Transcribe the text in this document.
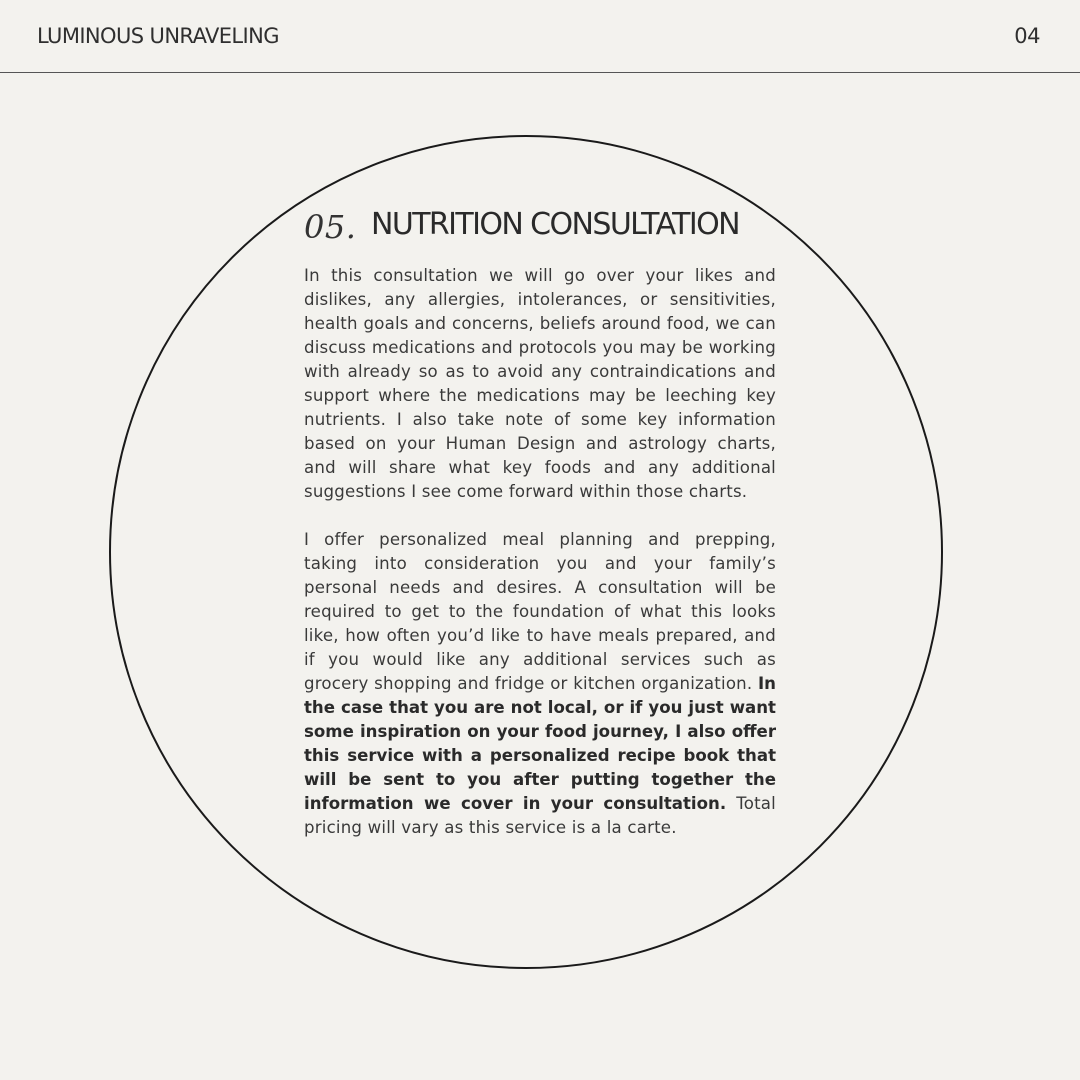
LUMINOUS UNRAVELING	04
05. NUTRITION CONSULTATION

In this consultation we will go over your likes and dislikes, any allergies, intolerances, or sensitivities, health goals and concerns, beliefs around food, we can discuss medications and protocols you may be working with already so as to avoid any contraindications and support where the medications may be leeching key nutrients. I also take note of some key information based on your Human Design and astrology charts, and will share what key foods and any additional suggestions I see come forward within those charts.

I offer personalized meal planning and prepping, taking into consideration you and your family’s personal needs and desires. A consultation will be required to get to the foundation of what this looks like, how often you’d like to have meals prepared, and if you would like any additional services such as grocery shopping and fridge or kitchen organization. In the case that you are not local, or if you just want some inspiration on your food journey, I also offer this service with a personalized recipe book that will be sent to you after putting together the information we cover in your consultation. Total pricing will vary as this service is a la carte.
